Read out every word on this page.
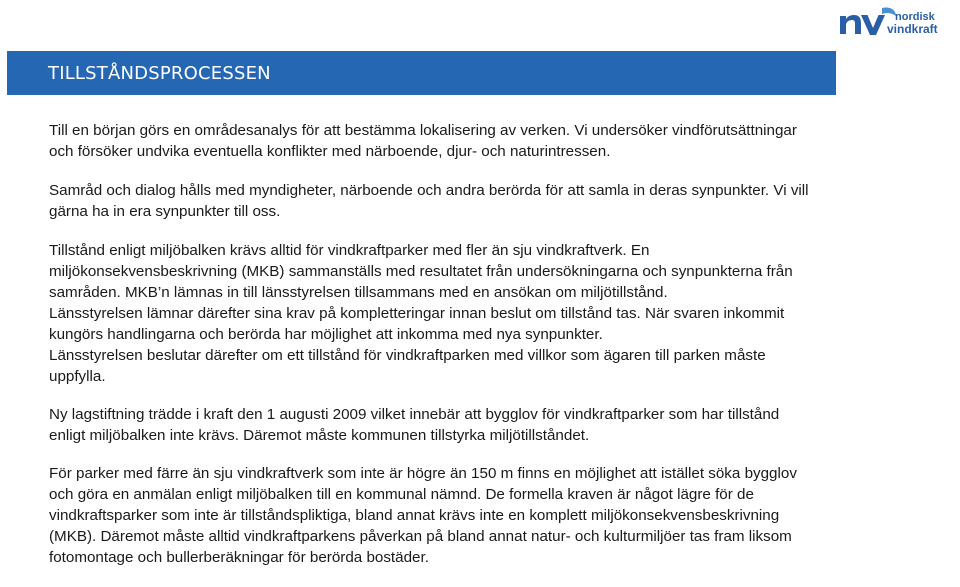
nordisk
vindkraft
TILLSTÅNDSPROCESSEN

Till en början görs en områdesanalys för att bestämma lokalisering av verken. Vi undersöker vindförutsättningar och försöker undvika eventuella konflikter med närboende, djur- och naturintressen.

Samråd och dialog hålls med myndigheter, närboende och andra berörda för att samla in deras synpunkter. Vi vill gärna ha in era synpunkter till oss.

Tillstånd enligt miljöbalken krävs alltid för vindkraftparker med fler än sju vindkraftverk. En miljökonsekvensbeskrivning (MKB) sammanställs med resultatet från undersökningarna och synpunkterna från samråden. MKB’n lämnas in till länsstyrelsen tillsammans med en ansökan om miljötillstånd.

Länsstyrelsen lämnar därefter sina krav på kompletteringar innan beslut om tillstånd tas. När svaren inkommit kungörs handlingarna och berörda har möjlighet att inkomma med nya synpunkter.

Länsstyrelsen beslutar därefter om ett tillstånd för vindkraftparken med villkor som ägaren till parken måste uppfylla.

Ny lagstiftning trädde i kraft den 1 augusti 2009 vilket innebär att bygglov för vindkraftparker som har tillstånd enligt miljöbalken inte krävs. Däremot måste kommunen tillstyrka miljötillståndet.

För parker med färre än sju vindkraftverk som inte är högre än 150 m finns en möjlighet att istället söka bygglov och göra en anmälan enligt miljöbalken till en kommunal nämnd. De formella kraven är något lägre för de vindkraftsparker som inte är tillståndspliktiga, bland annat krävs inte en komplett miljökonsekvensbeskrivning (MKB). Däremot måste alltid vindkraftparkens påverkan på bland annat natur- och kulturmiljöer tas fram liksom fotomontage och bullerberäkningar för berörda bostäder.
